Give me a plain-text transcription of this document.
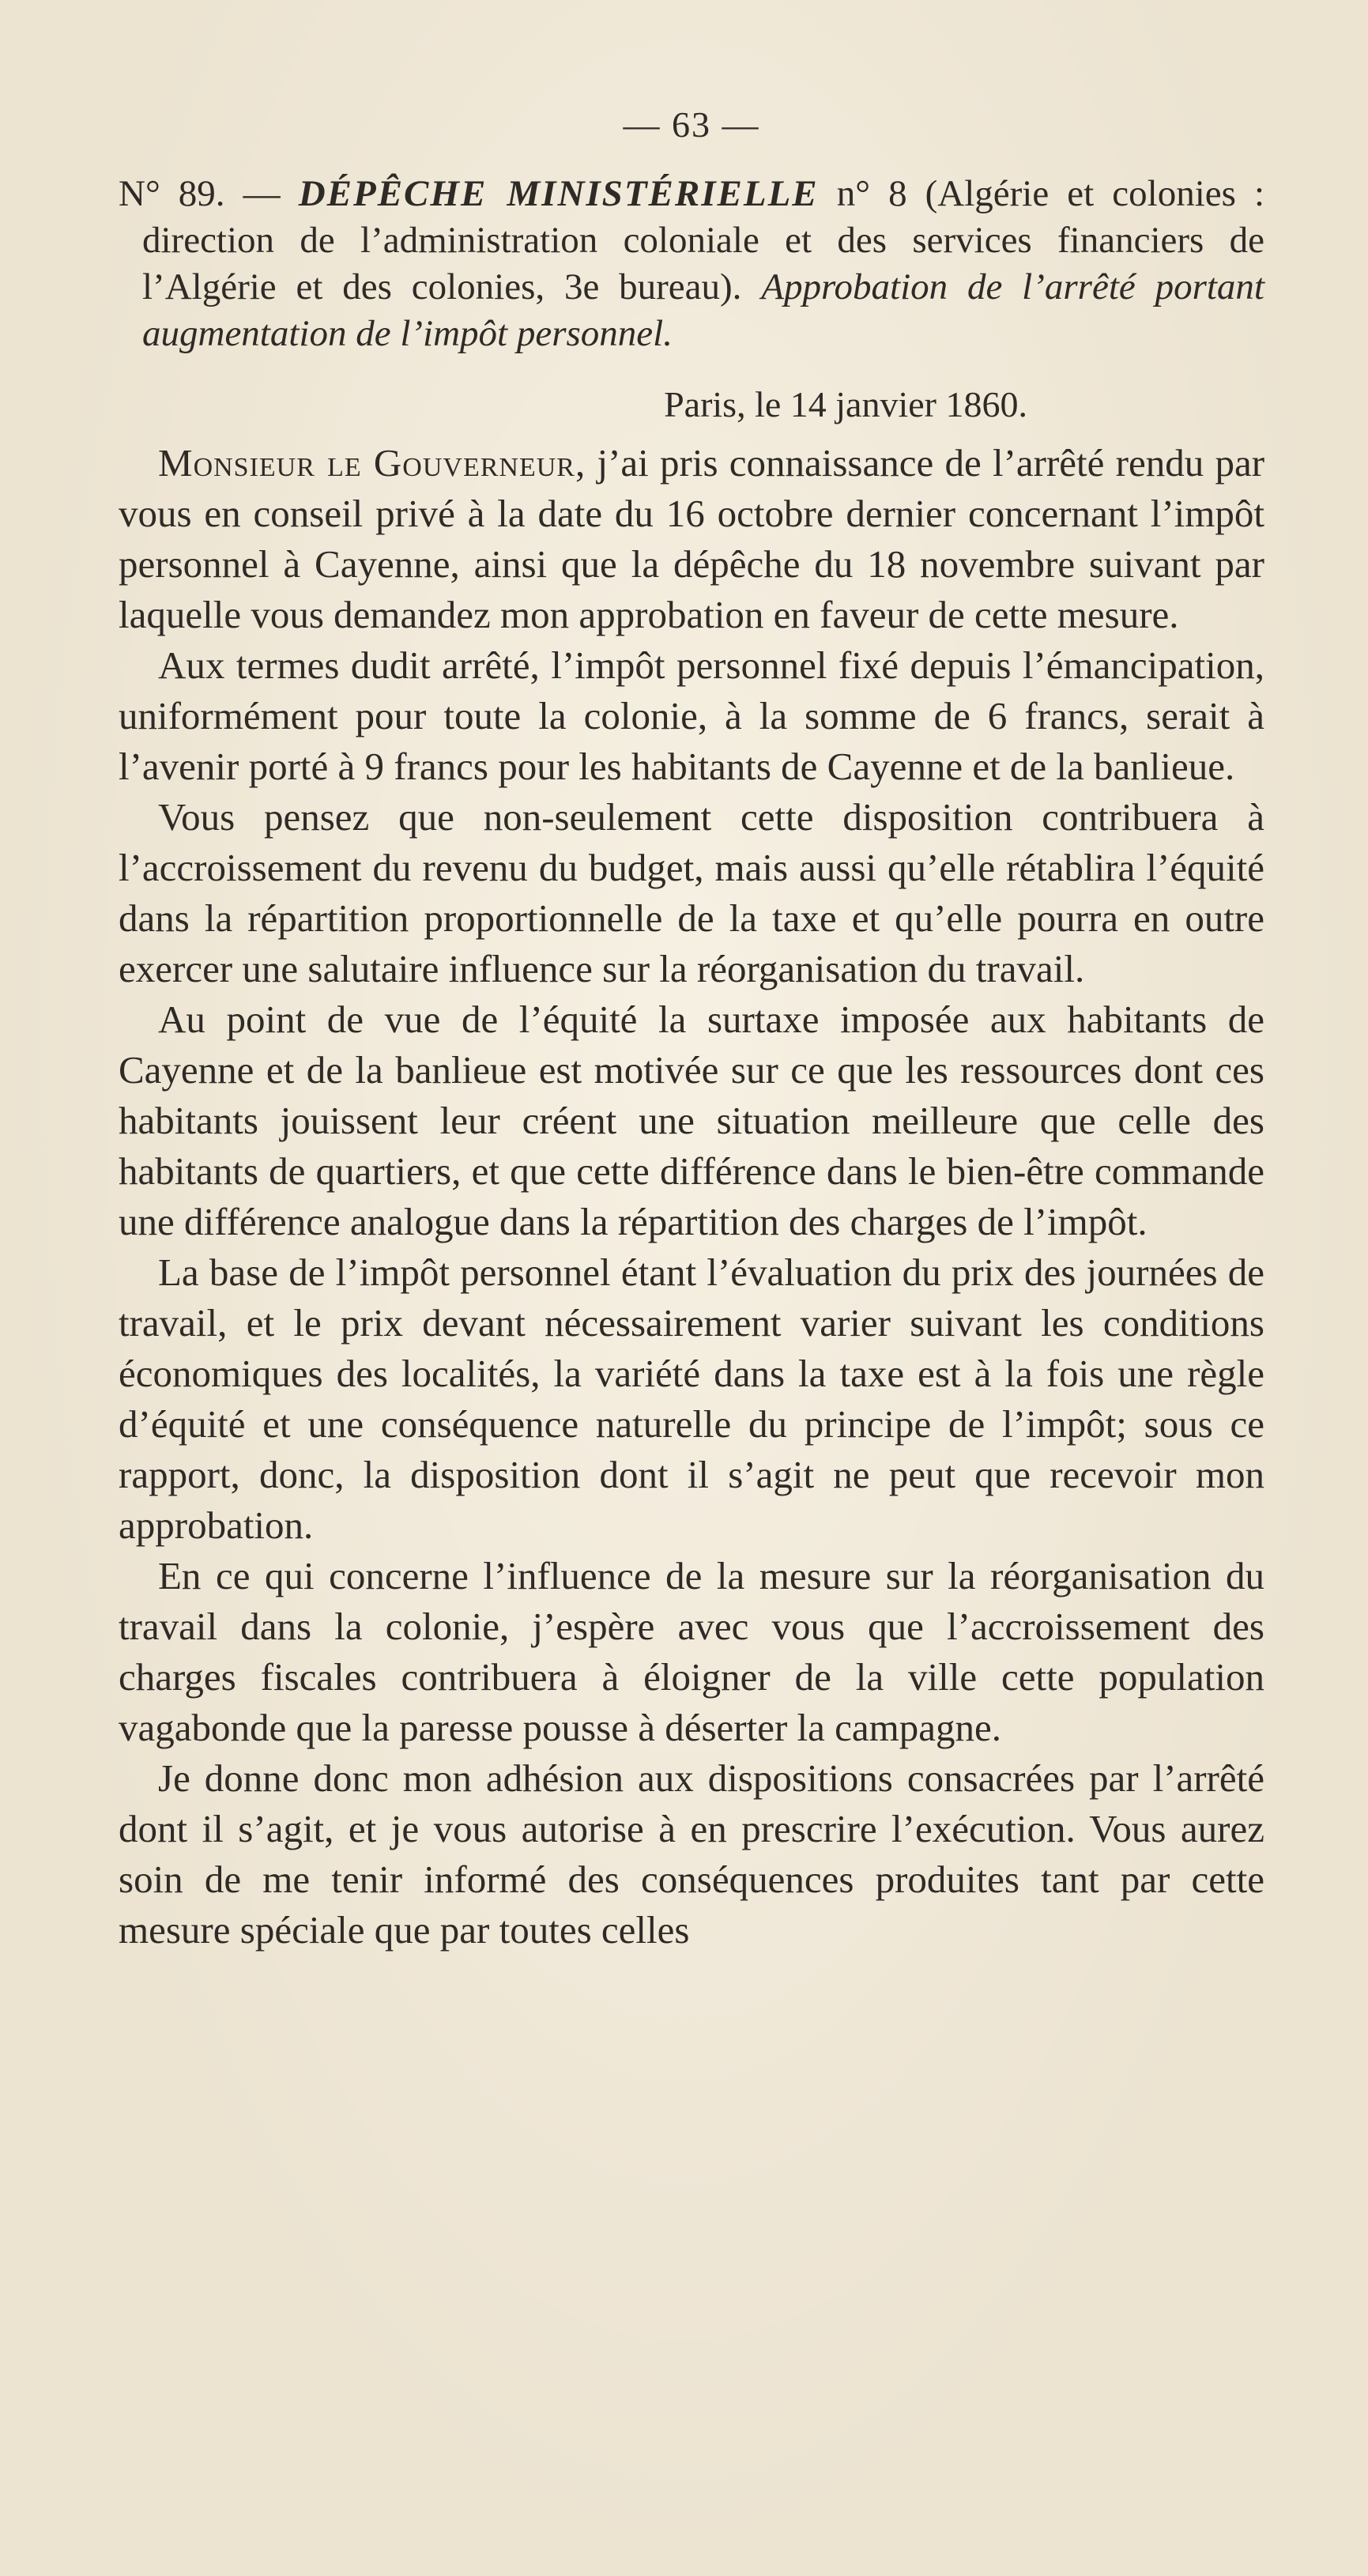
— 63 —

N° 89. — DÉPÊCHE MINISTÉRIELLE n° 8 (Algérie et colonies : direction de l’administration coloniale et des services financiers de l’Algérie et des colonies, 3e bureau). Approbation de l’arrêté portant augmentation de l’impôt personnel.

Paris, le 14 janvier 1860.

Monsieur le Gouverneur, j’ai pris connaissance de l’arrêté rendu par vous en conseil privé à la date du 16 octobre dernier concernant l’impôt personnel à Cayenne, ainsi que la dépêche du 18 novembre suivant par laquelle vous demandez mon approbation en faveur de cette mesure.

Aux termes dudit arrêté, l’impôt personnel fixé depuis l’émancipation, uniformément pour toute la colonie, à la somme de 6 francs, serait à l’avenir porté à 9 francs pour les habitants de Cayenne et de la banlieue.

Vous pensez que non-seulement cette disposition contribuera à l’accroissement du revenu du budget, mais aussi qu’elle rétablira l’équité dans la répartition proportionnelle de la taxe et qu’elle pourra en outre exercer une salutaire influence sur la réorganisation du travail.

Au point de vue de l’équité la surtaxe imposée aux habitants de Cayenne et de la banlieue est motivée sur ce que les ressources dont ces habitants jouissent leur créent une situation meilleure que celle des habitants de quartiers, et que cette différence dans le bien-être commande une différence analogue dans la répartition des charges de l’impôt.

La base de l’impôt personnel étant l’évaluation du prix des journées de travail, et le prix devant nécessairement varier suivant les conditions économiques des localités, la variété dans la taxe est à la fois une règle d’équité et une conséquence naturelle du principe de l’impôt; sous ce rapport, donc, la disposition dont il s’agit ne peut que recevoir mon approbation.

En ce qui concerne l’influence de la mesure sur la réorganisation du travail dans la colonie, j’espère avec vous que l’accroissement des charges fiscales contribuera à éloigner de la ville cette population vagabonde que la paresse pousse à déserter la campagne.

Je donne donc mon adhésion aux dispositions consacrées par l’arrêté dont il s’agit, et je vous autorise à en prescrire l’exécution. Vous aurez soin de me tenir informé des conséquences produites tant par cette mesure spéciale que par toutes celles
